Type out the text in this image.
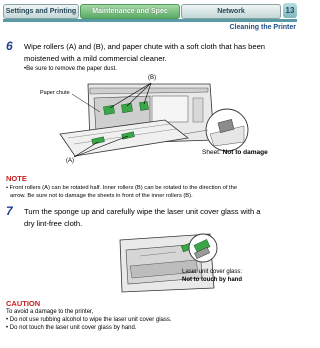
Settings and Printing	Maintenance and Spec	Network	13
Cleaning the Printer
6 Wipe rollers (A) and (B), and paper chute with a soft cloth that has been
moistened with a mild commercial cleaner.
•Be sure to remove the paper dust.
(B)
Paper chute
(A)
Sheet: Not to damage
NOTE
• Front rollers (A) can be rotated half. Inner rollers (B) can be rotated to the direction of the
arrow. Be sure not to damage the sheets in front of the inner rollers (B).
7 Turn the sponge up and carefully wipe the laser unit cover glass with a
dry lint-free cloth.
Laser unit cover glass:
Not to touch by hand
CAUTION
To avoid a damage to the printer,
• Do not use rubbing alcohol to wipe the laser unit cover glass.
• Do not touch the laser unit cover glass by hand.
